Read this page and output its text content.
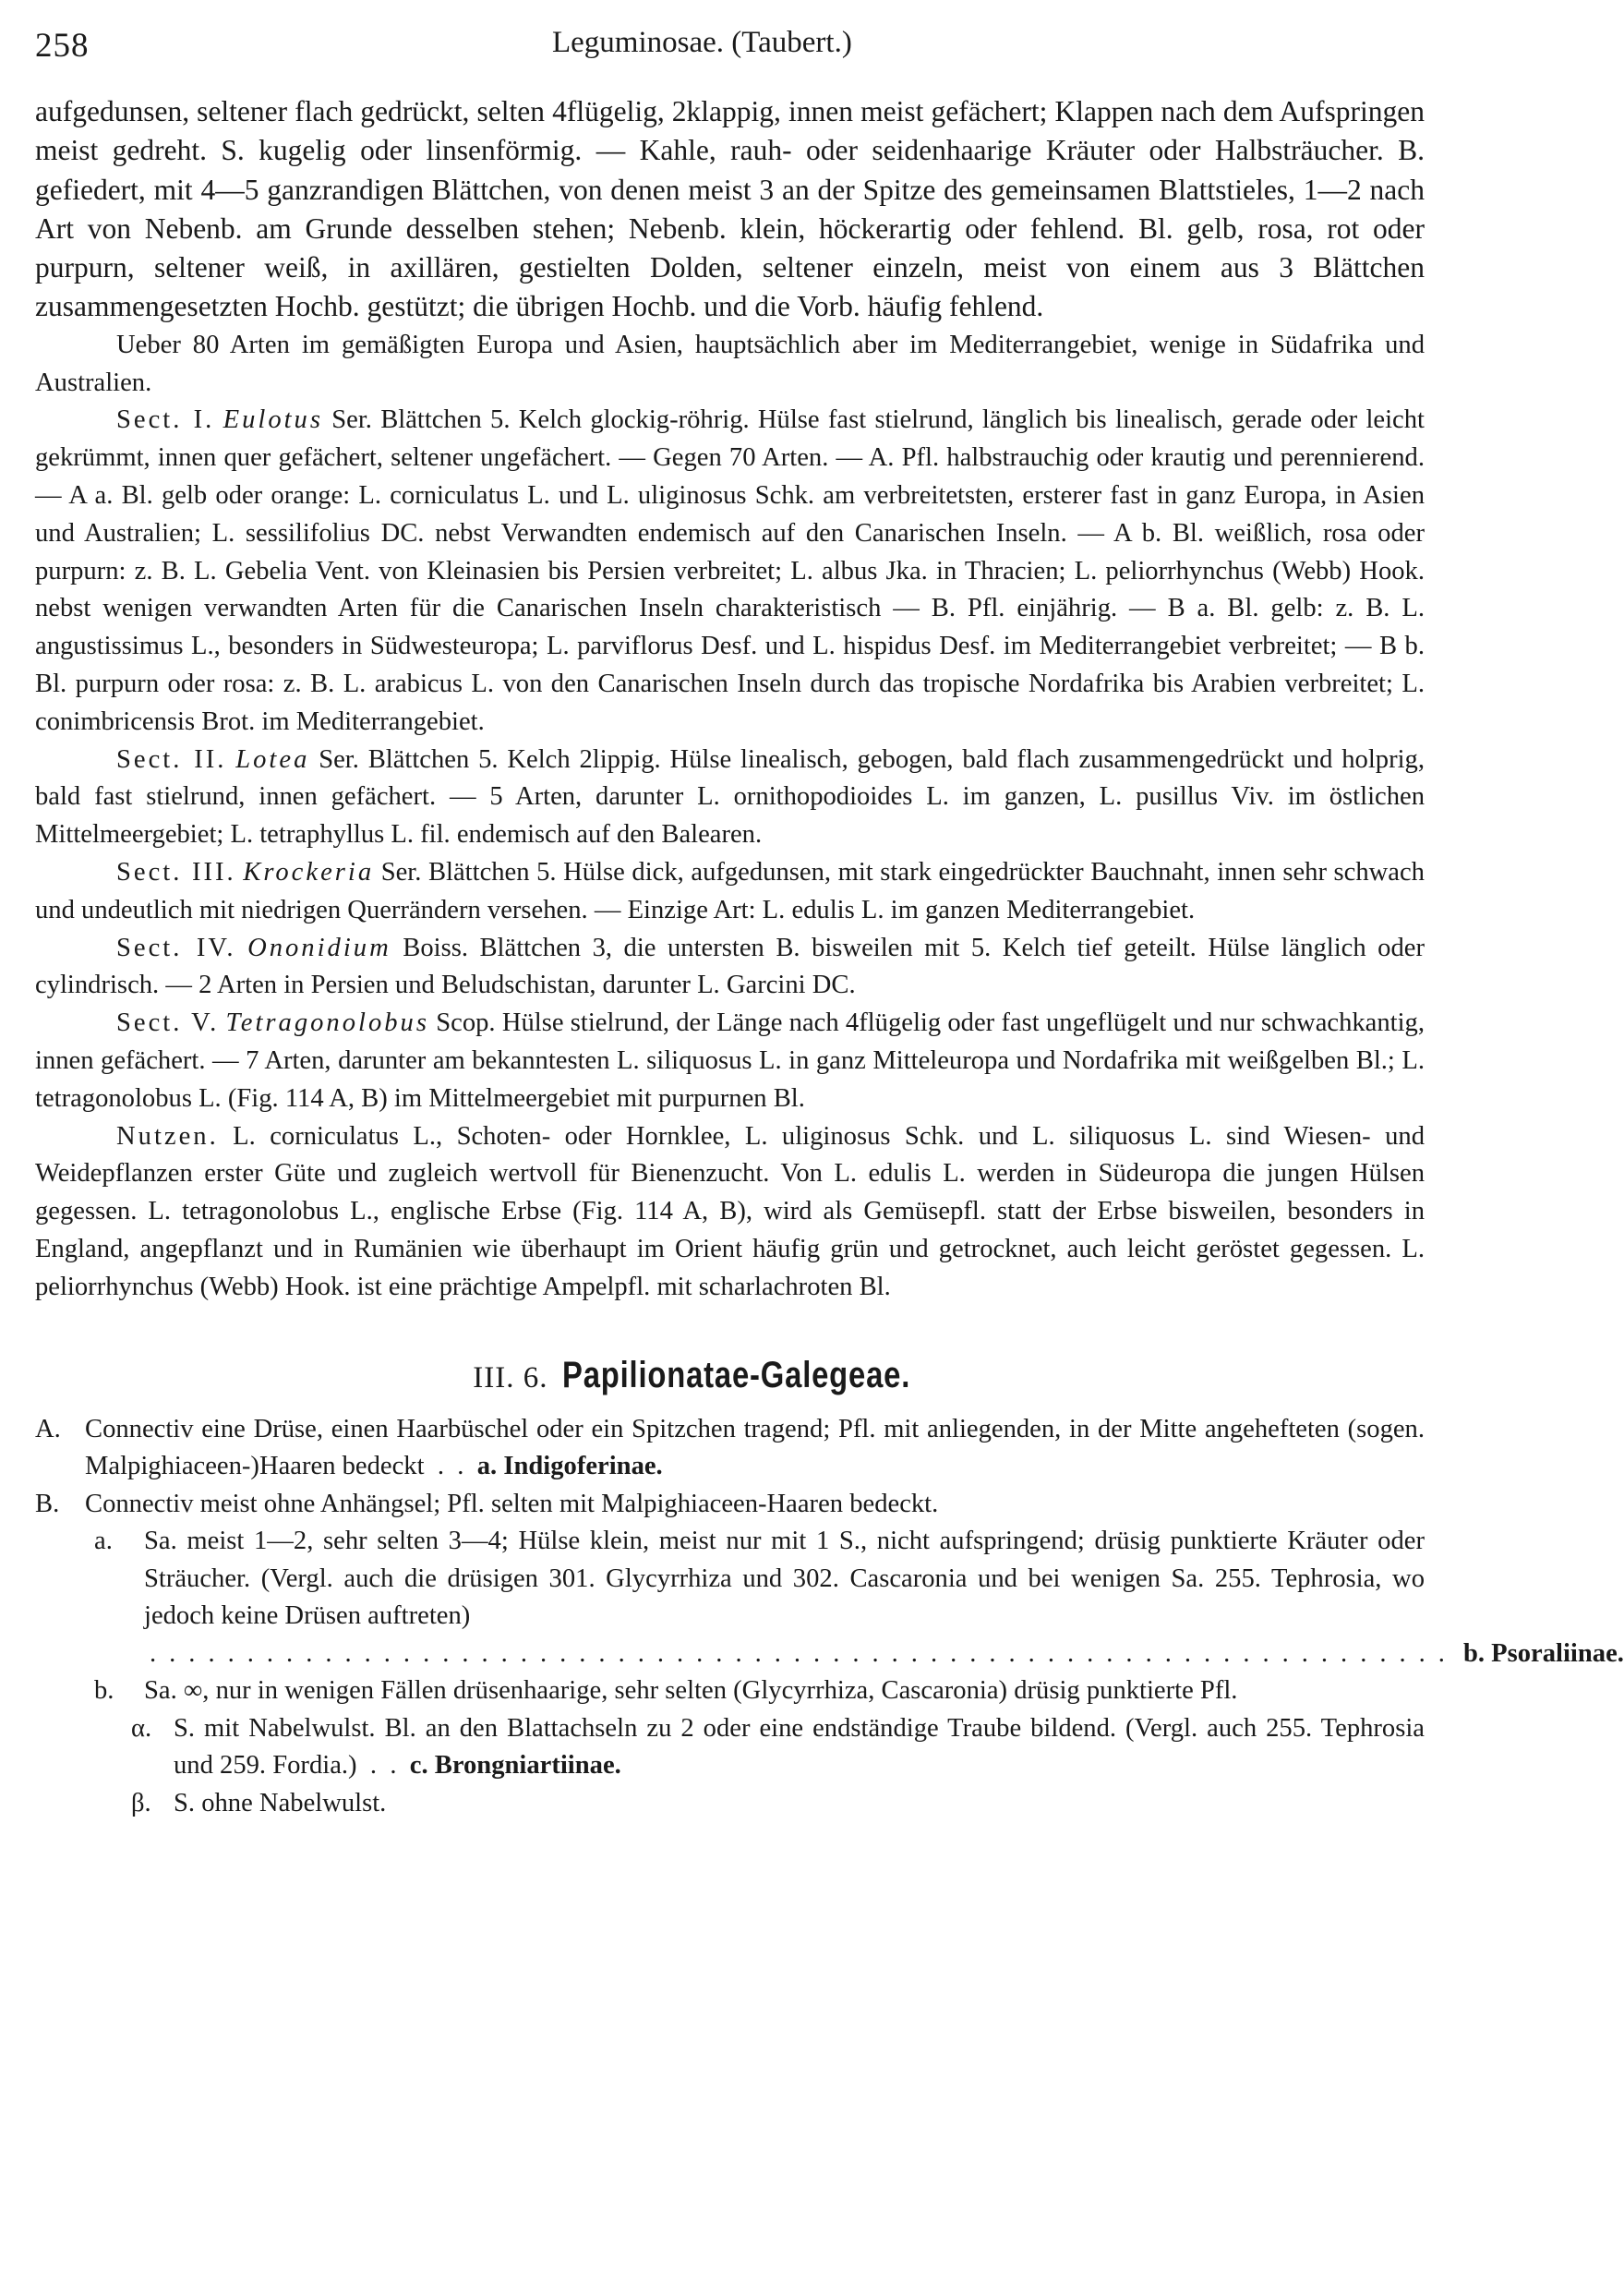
258	Leguminosae. (Taubert.)

aufgedunsen, seltener flach gedrückt, selten 4flügelig, 2klappig, innen meist gefächert; Klappen nach dem Aufspringen meist gedreht. S. kugelig oder linsenförmig. — Kahle, rauh- oder seidenhaarige Kräuter oder Halbsträucher. B. gefiedert, mit 4—5 ganzrandigen Blättchen, von denen meist 3 an der Spitze des gemeinsamen Blattstieles, 1—2 nach Art von Nebenb. am Grunde desselben stehen; Nebenb. klein, höckerartig oder fehlend. Bl. gelb, rosa, rot oder purpurn, seltener weiß, in axillären, gestielten Dolden, seltener einzeln, meist von einem aus 3 Blättchen zusammengesetzten Hochb. gestützt; die übrigen Hochb. und die Vorb. häufig fehlend.

Ueber 80 Arten im gemäßigten Europa und Asien, hauptsächlich aber im Mediterrangebiet, wenige in Südafrika und Australien.

Sect. I. Eulotus Ser. Blättchen 5. Kelch glockig-röhrig. Hülse fast stielrund, länglich bis linealisch, gerade oder leicht gekrümmt, innen quer gefächert, seltener ungefächert. — Gegen 70 Arten. — A. Pfl. halbstrauchig oder krautig und perennierend. — A a. Bl. gelb oder orange: L. corniculatus L. und L. uliginosus Schk. am verbreitetsten, ersterer fast in ganz Europa, in Asien und Australien; L. sessilifolius DC. nebst Verwandten endemisch auf den Canarischen Inseln. — A b. Bl. weißlich, rosa oder purpurn: z. B. L. Gebelia Vent. von Kleinasien bis Persien verbreitet; L. albus Jka. in Thracien; L. peliorrhynchus (Webb) Hook. nebst wenigen verwandten Arten für die Canarischen Inseln charakteristisch — B. Pfl. einjährig. — B a. Bl. gelb: z. B. L. angustissimus L., besonders in Südwesteuropa; L. parviflorus Desf. und L. hispidus Desf. im Mediterrangebiet verbreitet; — B b. Bl. purpurn oder rosa: z. B. L. arabicus L. von den Canarischen Inseln durch das tropische Nordafrika bis Arabien verbreitet; L. conimbricensis Brot. im Mediterrangebiet.

Sect. II. Lotea Ser. Blättchen 5. Kelch 2lippig. Hülse linealisch, gebogen, bald flach zusammengedrückt und holprig, bald fast stielrund, innen gefächert. — 5 Arten, darunter L. ornithopodioides L. im ganzen, L. pusillus Viv. im östlichen Mittelmeergebiet; L. tetraphyllus L. fil. endemisch auf den Balearen.

Sect. III. Krockeria Ser. Blättchen 5. Hülse dick, aufgedunsen, mit stark eingedrückter Bauchnaht, innen sehr schwach und undeutlich mit niedrigen Querrändern versehen. — Einzige Art: L. edulis L. im ganzen Mediterrangebiet.

Sect. IV. Ononidium Boiss. Blättchen 3, die untersten B. bisweilen mit 5. Kelch tief geteilt. Hülse länglich oder cylindrisch. — 2 Arten in Persien und Beludschistan, darunter L. Garcini DC.

Sect. V. Tetragonolobus Scop. Hülse stielrund, der Länge nach 4flügelig oder fast ungeflügelt und nur schwachkantig, innen gefächert. — 7 Arten, darunter am bekanntesten L. siliquosus L. in ganz Mitteleuropa und Nordafrika mit weißgelben Bl.; L. tetragonolobus L. (Fig. 114 A, B) im Mittelmeergebiet mit purpurnen Bl.

Nutzen. L. corniculatus L., Schoten- oder Hornklee, L. uliginosus Schk. und L. siliquosus L. sind Wiesen- und Weidepflanzen erster Güte und zugleich wertvoll für Bienenzucht. Von L. edulis L. werden in Südeuropa die jungen Hülsen gegessen. L. tetragonolobus L., englische Erbse (Fig. 114 A, B), wird als Gemüsepfl. statt der Erbse bisweilen, besonders in England, angepflanzt und in Rumänien wie überhaupt im Orient häufig grün und getrocknet, auch leicht geröstet gegessen. L. peliorrhynchus (Webb) Hook. ist eine prächtige Ampelpfl. mit scharlachroten Bl.

III. 6. Papilionatae-Galegeae.
A. Connectiv eine Drüse, einen Haarbüschel oder ein Spitzchen tragend; Pfl. mit anliegenden, in der Mitte angehefteten (sogen. Malpighiaceen-)Haaren bedeckt  .  .  a. Indigoferinae.
B. Connectiv meist ohne Anhängsel; Pfl. selten mit Malpighiaceen-Haaren bedeckt.
a. Sa. meist 1—2, sehr selten 3—4; Hülse klein, meist nur mit 1 S., nicht aufspringend; drüsig punktierte Kräuter oder Sträucher. (Vergl. auch die drüsigen 301. Glycyrrhiza und 302. Cascaronia und bei wenigen Sa. 255. Tephrosia, wo jedoch keine Drüsen auftreten)
................................................................... b. Psoraliinae.
b. Sa. ∞, nur in wenigen Fällen drüsenhaarige, sehr selten (Glycyrrhiza, Cascaronia) drüsig punktierte Pfl.
α. S. mit Nabelwulst. Bl. an den Blattachseln zu 2 oder eine endständige Traube bildend. (Vergl. auch 255. Tephrosia und 259. Fordia.)  .  .  c. Brongniartiinae.
β. S. ohne Nabelwulst.
